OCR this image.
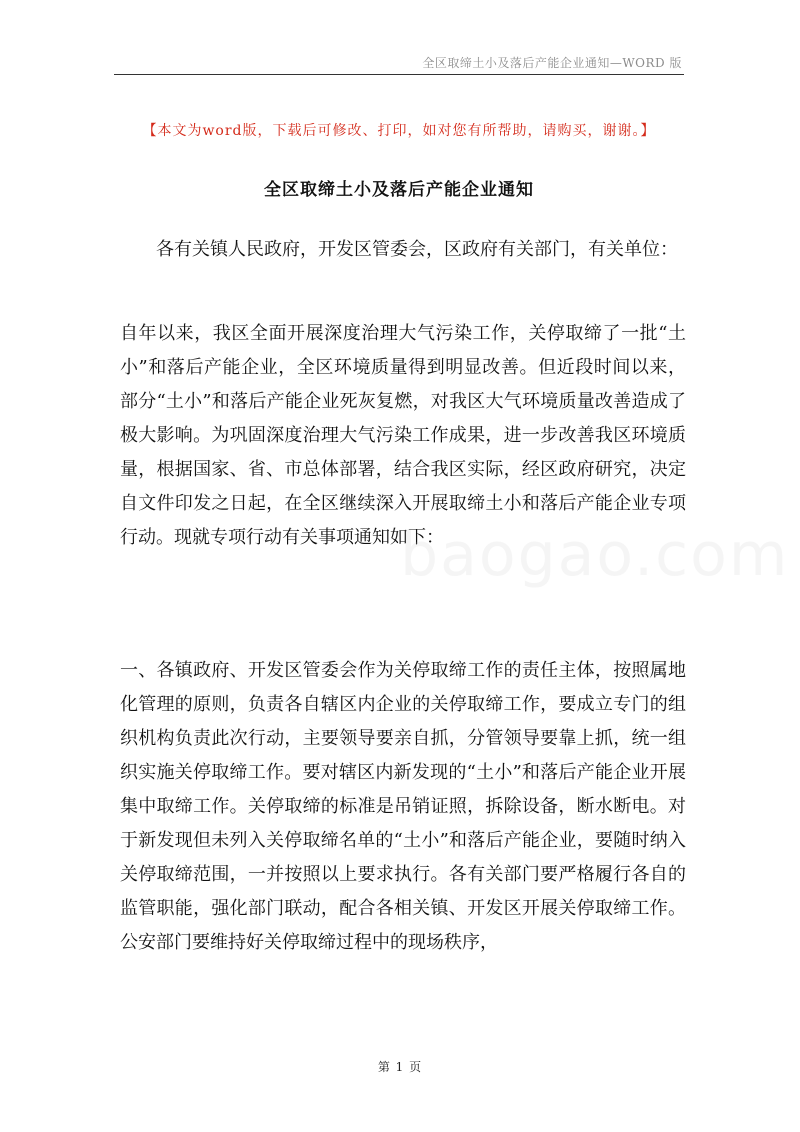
全区取缔土小及落后产能企业通知—WORD 版
【本文为word版，下载后可修改、打印，如对您有所帮助，请购买，谢谢。】
全区取缔土小及落后产能企业通知
各有关镇人民政府，开发区管委会，区政府有关部门，有关单位：
自年以来，我区全面开展深度治理大气污染工作，关停取缔了一批“土小”和落后产能企业，全区环境质量得到明显改善。但近段时间以来，部分“土小”和落后产能企业死灰复燃，对我区大气环境质量改善造成了极大影响。为巩固深度治理大气污染工作成果，进一步改善我区环境质量，根据国家、省、市总体部署，结合我区实际，经区政府研究，决定自文件印发之日起，在全区继续深入开展取缔土小和落后产能企业专项行动。现就专项行动有关事项通知如下：
baogao.com
一、各镇政府、开发区管委会作为关停取缔工作的责任主体，按照属地化管理的原则，负责各自辖区内企业的关停取缔工作，要成立专门的组织机构负责此次行动，主要领导要亲自抓，分管领导要靠上抓，统一组织实施关停取缔工作。要对辖区内新发现的“土小”和落后产能企业开展集中取缔工作。关停取缔的标准是吊销证照，拆除设备，断水断电。对于新发现但未列入关停取缔名单的“土小”和落后产能企业，要随时纳入关停取缔范围，一并按照以上要求执行。各有关部门要严格履行各自的监管职能，强化部门联动，配合各相关镇、开发区开展关停取缔工作。公安部门要维持好关停取缔过程中的现场秩序，
第 1 页
